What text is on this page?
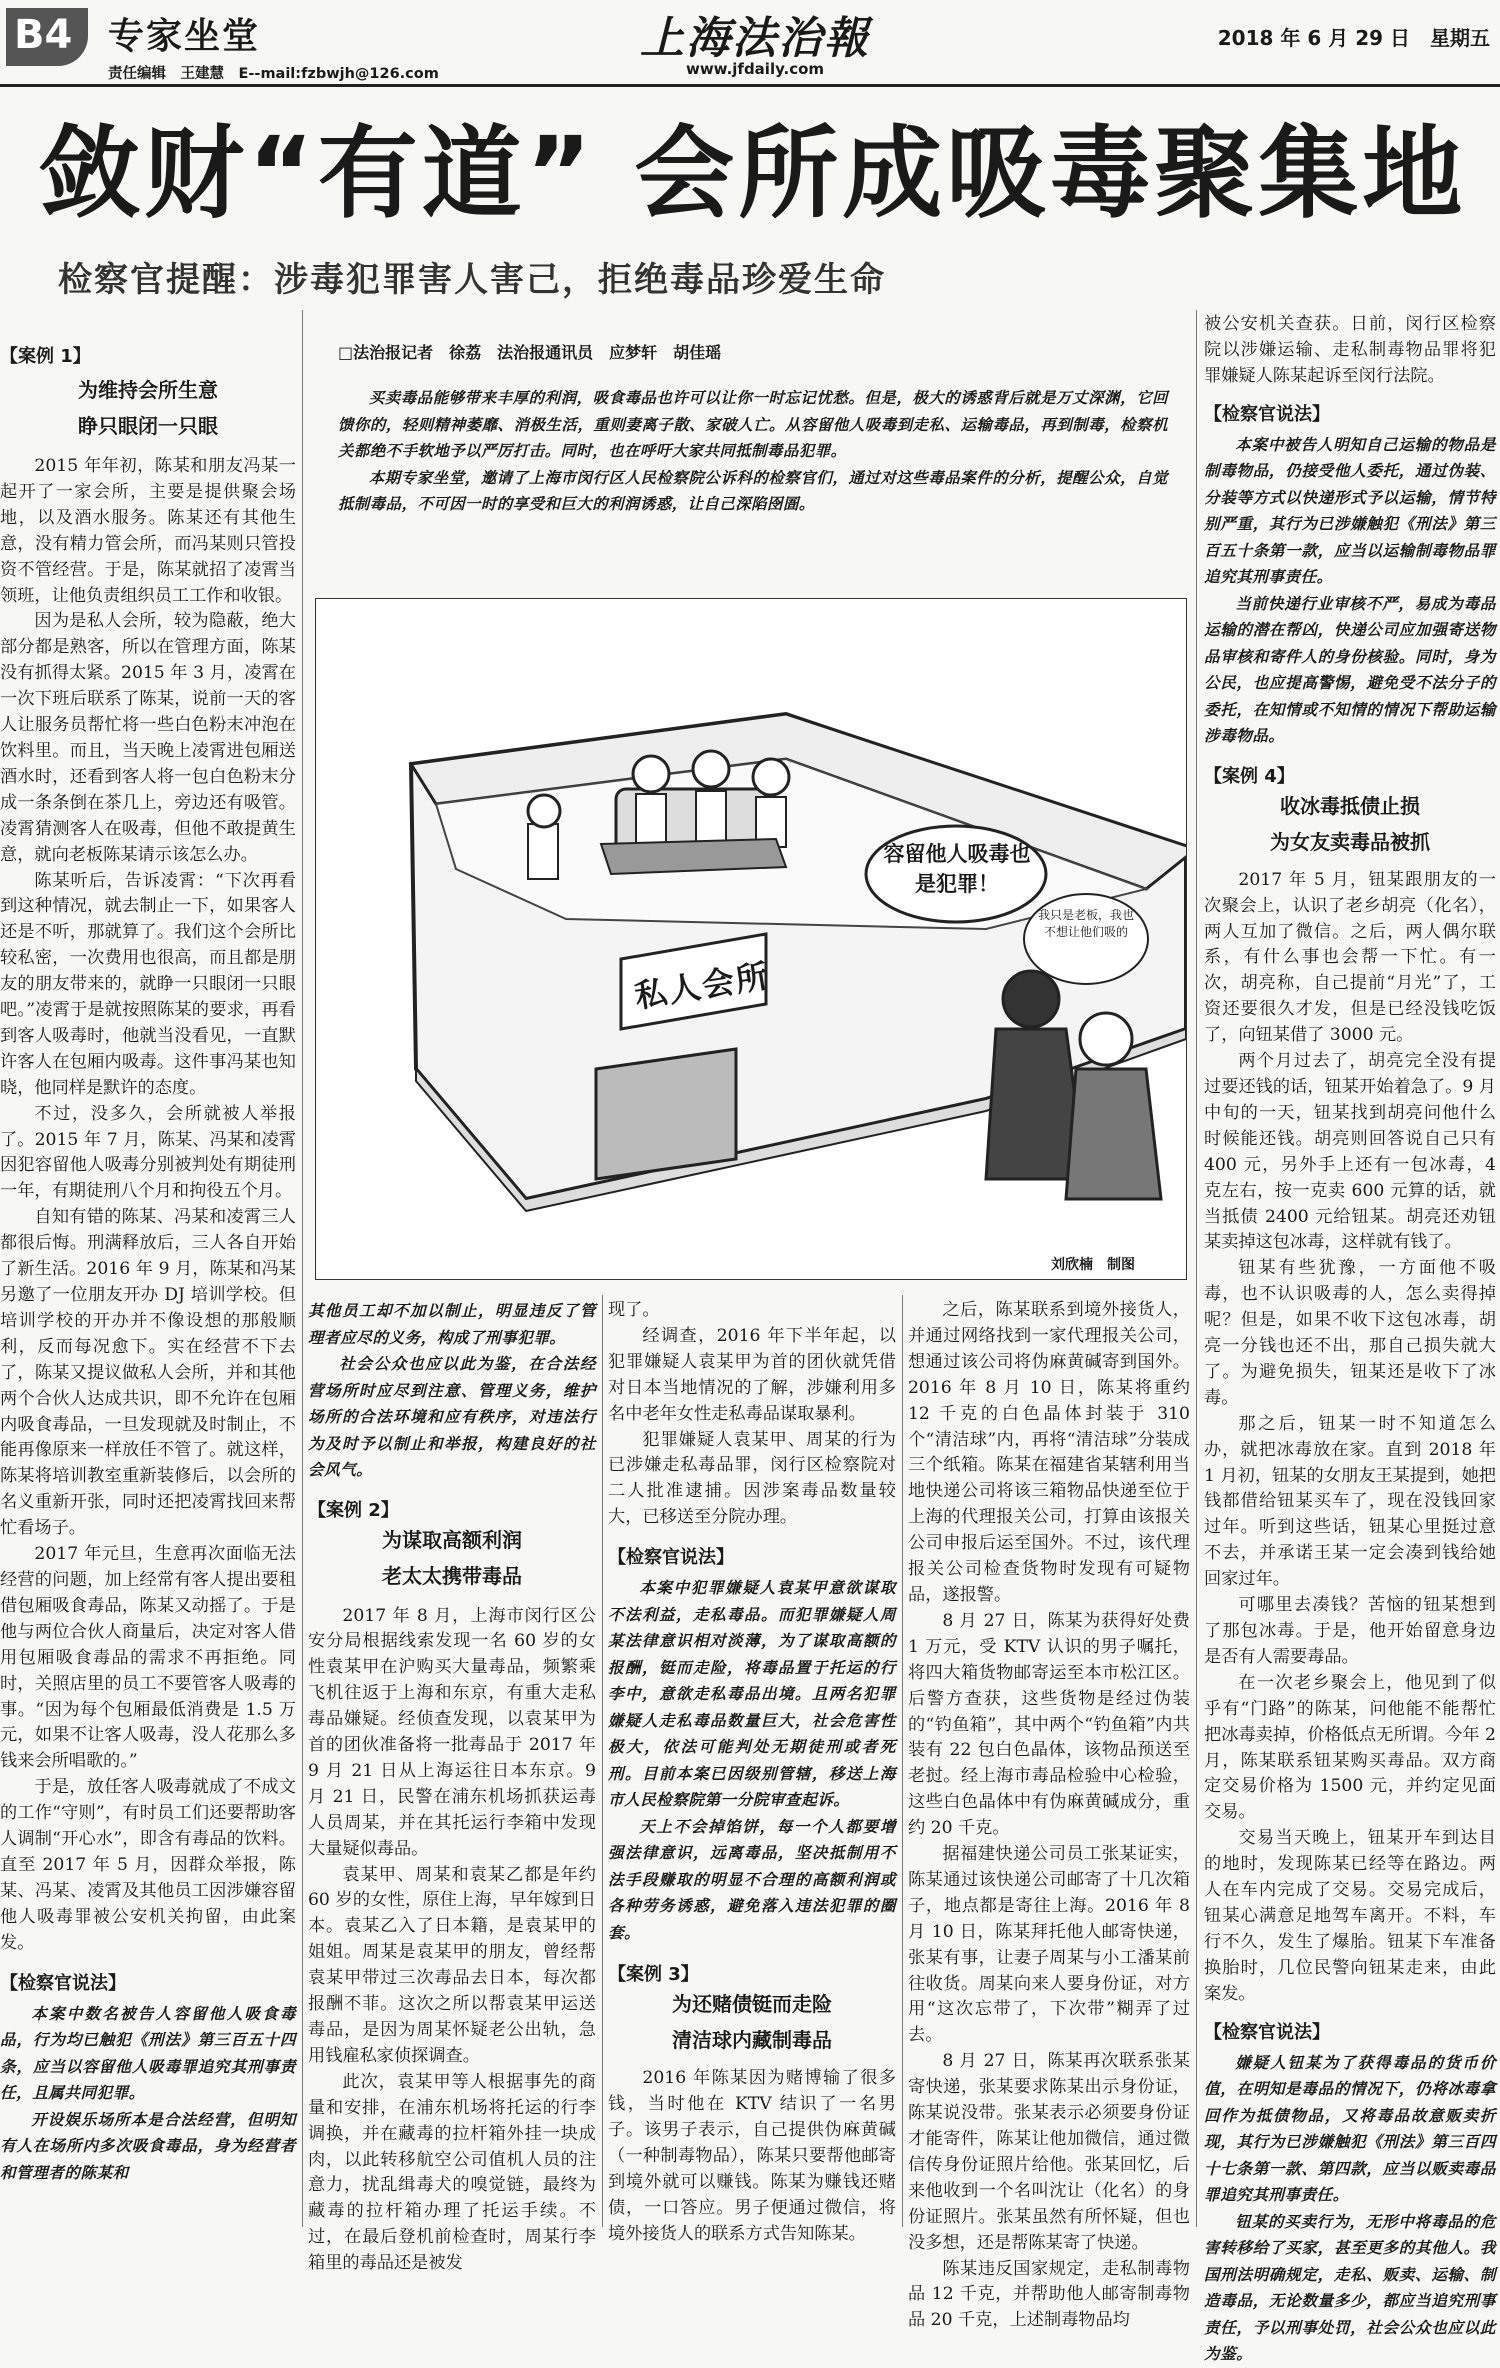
B4 专家坐堂
责任编辑　王建慧　E--mail:fzbwjh@126.com
上海法治報
www.jfdaily.com
2018 年 6 月 29 日　星期五
敛财“有道” 会所成吸毒聚集地
检察官提醒：涉毒犯罪害人害己，拒绝毒品珍爱生命
□法治报记者　徐荔　法治报通讯员　应梦轩　胡佳瑶

买卖毒品能够带来丰厚的利润，吸食毒品也许可以让你一时忘记忧愁。但是，极大的诱惑背后就是万丈深渊，它回馈你的，轻则精神萎靡、消极生活，重则妻离子散、家破人亡。从容留他人吸毒到走私、运输毒品，再到制毒，检察机关都绝不手软地予以严厉打击。同时，也在呼吁大家共同抵制毒品犯罪。

本期专家坐堂，邀请了上海市闵行区人民检察院公诉科的检察官们，通过对这些毒品案件的分析，提醒公众，自觉抵制毒品，不可因一时的享受和巨大的利润诱惑，让自己深陷囹圄。

容留他人吸毒也是犯罪！
我只是老板，我也不想让他们吸的
私人会所
刘欣楠　制图
【案例 1】
为维持会所生意
睁只眼闭一只眼

2015 年年初，陈某和朋友冯某一起开了一家会所，主要是提供聚会场地，以及酒水服务。陈某还有其他生意，没有精力管会所，而冯某则只管投资不管经营。于是，陈某就招了凌霄当领班，让他负责组织员工工作和收银。

因为是私人会所，较为隐蔽，绝大部分都是熟客，所以在管理方面，陈某没有抓得太紧。2015 年 3 月，凌霄在一次下班后联系了陈某，说前一天的客人让服务员帮忙将一些白色粉末冲泡在饮料里。而且，当天晚上凌霄进包厢送酒水时，还看到客人将一包白色粉末分成一条条倒在茶几上，旁边还有吸管。凌霄猜测客人在吸毒，但他不敢提黄生意，就向老板陈某请示该怎么办。

陈某听后，告诉凌霄：“下次再看到这种情况，就去制止一下，如果客人还是不听，那就算了。我们这个会所比较私密，一次费用也很高，而且都是朋友的朋友带来的，就睁一只眼闭一只眼吧。”凌霄于是就按照陈某的要求，再看到客人吸毒时，他就当没看见，一直默许客人在包厢内吸毒。这件事冯某也知晓，他同样是默许的态度。

不过，没多久，会所就被人举报了。2015 年 7 月，陈某、冯某和凌霄因犯容留他人吸毒分别被判处有期徒刑一年，有期徒刑八个月和拘役五个月。

自知有错的陈某、冯某和凌霄三人都很后悔。刑满释放后，三人各自开始了新生活。2016 年 9 月，陈某和冯某另邀了一位朋友开办 DJ 培训学校。但培训学校的开办并不像设想的那般顺利，反而每况愈下。实在经营不下去了，陈某又提议做私人会所，并和其他两个合伙人达成共识，即不允许在包厢内吸食毒品，一旦发现就及时制止，不能再像原来一样放任不管了。就这样，陈某将培训教室重新装修后，以会所的名义重新开张，同时还把凌霄找回来帮忙看场子。

2017 年元旦，生意再次面临无法经营的问题，加上经常有客人提出要租借包厢吸食毒品，陈某又动摇了。于是他与两位合伙人商量后，决定对客人借用包厢吸食毒品的需求不再拒绝。同时，关照店里的员工不要管客人吸毒的事。“因为每个包厢最低消费是 1.5 万元，如果不让客人吸毒，没人花那么多钱来会所唱歌的。”

于是，放任客人吸毒就成了不成文的工作“守则”，有时员工们还要帮助客人调制“开心水”，即含有毒品的饮料。直至 2017 年 5 月，因群众举报，陈某、冯某、凌霄及其他员工因涉嫌容留他人吸毒罪被公安机关拘留，由此案发。

【检察官说法】

本案中数名被告人容留他人吸食毒品，行为均已触犯《刑法》第三百五十四条，应当以容留他人吸毒罪追究其刑事责任，且属共同犯罪。

开设娱乐场所本是合法经营，但明知有人在场所内多次吸食毒品，身为经营者和管理者的陈某和

其他员工却不加以制止，明显违反了管理者应尽的义务，构成了刑事犯罪。

社会公众也应以此为鉴，在合法经营场所时应尽到注意、管理义务，维护场所的合法环境和应有秩序，对违法行为及时予以制止和举报，构建良好的社会风气。

【案例 2】
为谋取高额利润
老太太携带毒品

2017 年 8 月，上海市闵行区公安分局根据线索发现一名 60 岁的女性袁某甲在沪购买大量毒品，频繁乘飞机往返于上海和东京，有重大走私毒品嫌疑。经侦查发现，以袁某甲为首的团伙准备将一批毒品于 2017 年 9 月 21 日从上海运往日本东京。9 月 21 日，民警在浦东机场抓获运毒人员周某，并在其托运行李箱中发现大量疑似毒品。

袁某甲、周某和袁某乙都是年约 60 岁的女性，原住上海，早年嫁到日本。袁某乙入了日本籍，是袁某甲的姐姐。周某是袁某甲的朋友，曾经帮袁某甲带过三次毒品去日本，每次都报酬不菲。这次之所以帮袁某甲运送毒品，是因为周某怀疑老公出轨，急用钱雇私家侦探调查。

此次，袁某甲等人根据事先的商量和安排，在浦东机场将托运的行李调换，并在藏毒的拉杆箱外挂一块成肉，以此转移航空公司值机人员的注意力，扰乱缉毒犬的嗅觉链，最终为藏毒的拉杆箱办理了托运手续。不过，在最后登机前检查时，周某行李箱里的毒品还是被发

现了。

经调查，2016 年下半年起，以犯罪嫌疑人袁某甲为首的团伙就凭借对日本当地情况的了解，涉嫌利用多名中老年女性走私毒品谋取暴利。

犯罪嫌疑人袁某甲、周某的行为已涉嫌走私毒品罪，闵行区检察院对二人批准逮捕。因涉案毒品数量较大，已移送至分院办理。

【检察官说法】

本案中犯罪嫌疑人袁某甲意欲谋取不法利益，走私毒品。而犯罪嫌疑人周某法律意识相对淡薄，为了谋取高额的报酬，铤而走险，将毒品置于托运的行李中，意欲走私毒品出境。且两名犯罪嫌疑人走私毒品数量巨大，社会危害性极大，依法可能判处无期徒刑或者死刑。目前本案已因级别管辖，移送上海市人民检察院第一分院审查起诉。

天上不会掉馅饼，每一个人都要增强法律意识，远离毒品，坚决抵制用不法手段赚取的明显不合理的高额利润或各种劳务诱惑，避免落入违法犯罪的圈套。

【案例 3】
为还赌债铤而走险
清洁球内藏制毒品

2016 年陈某因为赌博输了很多钱，当时他在 KTV 结识了一名男子。该男子表示，自己提供伪麻黄碱（一种制毒物品），陈某只要帮他邮寄到境外就可以赚钱。陈某为赚钱还赌债，一口答应。男子便通过微信，将境外接货人的联系方式告知陈某。

之后，陈某联系到境外接货人，并通过网络找到一家代理报关公司，想通过该公司将伪麻黄碱寄到国外。2016 年 8 月 10 日，陈某将重约 12 千克的白色晶体封装于 310 个“清洁球”内，再将“清洁球”分装成三个纸箱。陈某在福建省某辖利用当地快递公司将该三箱物品快递至位于上海的代理报关公司，打算由该报关公司申报后运至国外。不过，该代理报关公司检查货物时发现有可疑物品，遂报警。

8 月 27 日，陈某为获得好处费 1 万元，受 KTV 认识的男子嘱托，将四大箱货物邮寄运至本市松江区。后警方查获，这些货物是经过伪装的“钓鱼箱”，其中两个“钓鱼箱”内共装有 22 包白色晶体，该物品预送至老挝。经上海市毒品检验中心检验，这些白色晶体中有伪麻黄碱成分，重约 20 千克。

据福建快递公司员工张某证实，陈某通过该快递公司邮寄了十几次箱子，地点都是寄往上海。2016 年 8 月 10 日，陈某拜托他人邮寄快递，张某有事，让妻子周某与小工潘某前往收货。周某向来人要身份证，对方用“这次忘带了，下次带”糊弄了过去。

8 月 27 日，陈某再次联系张某寄快递，张某要求陈某出示身份证，陈某说没带。张某表示必须要身份证才能寄件，陈某让他加微信，通过微信传身份证照片给他。张某回忆，后来他收到一个名叫沈让（化名）的身份证照片。张某虽然有所怀疑，但也没多想，还是帮陈某寄了快递。

陈某违反国家规定，走私制毒物品 12 千克，并帮助他人邮寄制毒物品 20 千克，上述制毒物品均

被公安机关查获。日前，闵行区检察院以涉嫌运输、走私制毒物品罪将犯罪嫌疑人陈某起诉至闵行法院。

【检察官说法】

本案中被告人明知自己运输的物品是制毒物品，仍接受他人委托，通过伪装、分装等方式以快递形式予以运输，情节特别严重，其行为已涉嫌触犯《刑法》第三百五十条第一款，应当以运输制毒物品罪追究其刑事责任。

当前快递行业审核不严，易成为毒品运输的潜在帮凶，快递公司应加强寄送物品审核和寄件人的身份核验。同时，身为公民，也应提高警惕，避免受不法分子的委托，在知情或不知情的情况下帮助运输涉毒物品。

【案例 4】
收冰毒抵债止损
为女友卖毒品被抓

2017 年 5 月，钮某跟朋友的一次聚会上，认识了老乡胡亮（化名），两人互加了微信。之后，两人偶尔联系，有什么事也会帮一下忙。有一次，胡亮称，自己提前“月光”了，工资还要很久才发，但是已经没钱吃饭了，向钮某借了 3000 元。

两个月过去了，胡亮完全没有提过要还钱的话，钮某开始着急了。9 月中旬的一天，钮某找到胡亮问他什么时候能还钱。胡亮则回答说自己只有 400 元，另外手上还有一包冰毒，4 克左右，按一克卖 600 元算的话，就当抵债 2400 元给钮某。胡亮还劝钮某卖掉这包冰毒，这样就有钱了。

钮某有些犹豫，一方面他不吸毒，也不认识吸毒的人，怎么卖得掉呢？但是，如果不收下这包冰毒，胡亮一分钱也还不出，那自己损失就大了。为避免损失，钮某还是收下了冰毒。

那之后，钮某一时不知道怎么办，就把冰毒放在家。直到 2018 年 1 月初，钮某的女朋友王某提到，她把钱都借给钮某买车了，现在没钱回家过年。听到这些话，钮某心里挺过意不去，并承诺王某一定会凑到钱给她回家过年。

可哪里去凑钱？苦恼的钮某想到了那包冰毒。于是，他开始留意身边是否有人需要毒品。

在一次老乡聚会上，他见到了似乎有“门路”的陈某，问他能不能帮忙把冰毒卖掉，价格低点无所谓。今年 2 月，陈某联系钮某购买毒品。双方商定交易价格为 1500 元，并约定见面交易。

交易当天晚上，钮某开车到达目的地时，发现陈某已经等在路边。两人在车内完成了交易。交易完成后，钮某心满意足地驾车离开。不料，车行不久，发生了爆胎。钮某下车准备换胎时，几位民警向钮某走来，由此案发。

【检察官说法】

嫌疑人钮某为了获得毒品的货币价值，在明知是毒品的情况下，仍将冰毒拿回作为抵债物品，又将毒品故意贩卖折现，其行为已涉嫌触犯《刑法》第三百四十七条第一款、第四款，应当以贩卖毒品罪追究其刑事责任。

钮某的买卖行为，无形中将毒品的危害转移给了买家，甚至更多的其他人。我国刑法明确规定，走私、贩卖、运输、制造毒品，无论数量多少，都应当追究刑事责任，予以刑事处罚，社会公众也应以此为鉴。
